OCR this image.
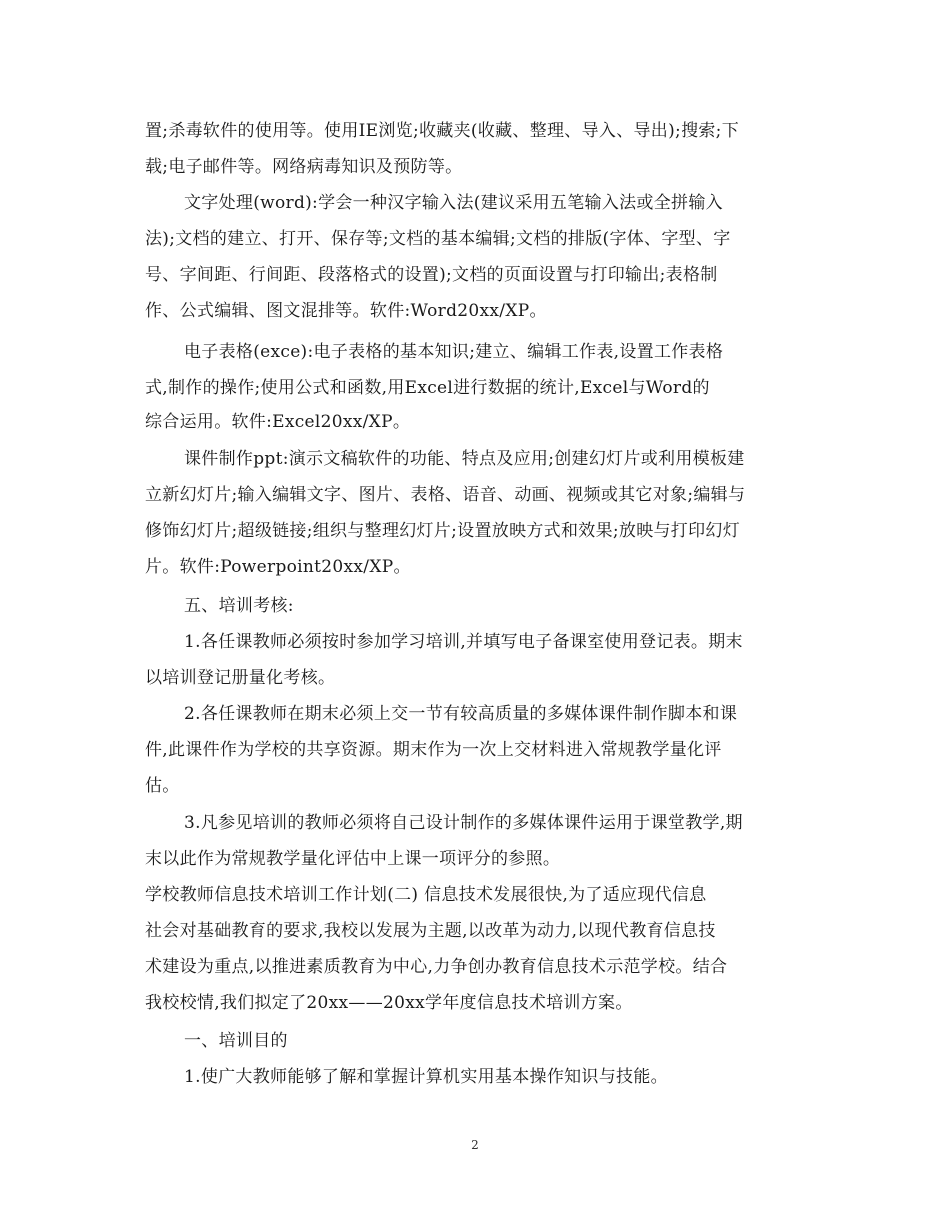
置;杀毒软件的使用等。使用IE浏览;收藏夹(收藏、整理、导入、导出);搜索;下
载;电子邮件等。网络病毒知识及预防等。
文字处理(word):学会一种汉字输入法(建议采用五笔输入法或全拼输入
法);文档的建立、打开、保存等;文档的基本编辑;文档的排版(字体、字型、字
号、字间距、行间距、段落格式的设置);文档的页面设置与打印输出;表格制
作、公式编辑、图文混排等。软件:Word20xx/XP。
电子表格(exce):电子表格的基本知识;建立、编辑工作表,设置工作表格
式,制作的操作;使用公式和函数,用Excel进行数据的统计,Excel与Word的
综合运用。软件:Excel20xx/XP。
课件制作ppt:演示文稿软件的功能、特点及应用;创建幻灯片或利用模板建
立新幻灯片;输入编辑文字、图片、表格、语音、动画、视频或其它对象;编辑与
修饰幻灯片;超级链接;组织与整理幻灯片;设置放映方式和效果;放映与打印幻灯
片。软件:Powerpoint20xx/XP。
五、培训考核:
1.各任课教师必须按时参加学习培训,并填写电子备课室使用登记表。期末
以培训登记册量化考核。
2.各任课教师在期末必须上交一节有较高质量的多媒体课件制作脚本和课
件,此课件作为学校的共享资源。期末作为一次上交材料进入常规教学量化评
估。
3.凡参见培训的教师必须将自己设计制作的多媒体课件运用于课堂教学,期
末以此作为常规教学量化评估中上课一项评分的参照。
学校教师信息技术培训工作计划(二) 信息技术发展很快,为了适应现代信息
社会对基础教育的要求,我校以发展为主题,以改革为动力,以现代教育信息技
术建设为重点,以推进素质教育为中心,力争创办教育信息技术示范学校。结合
我校校情,我们拟定了20xx——20xx学年度信息技术培训方案。
一、培训目的
1.使广大教师能够了解和掌握计算机实用基本操作知识与技能。
2
